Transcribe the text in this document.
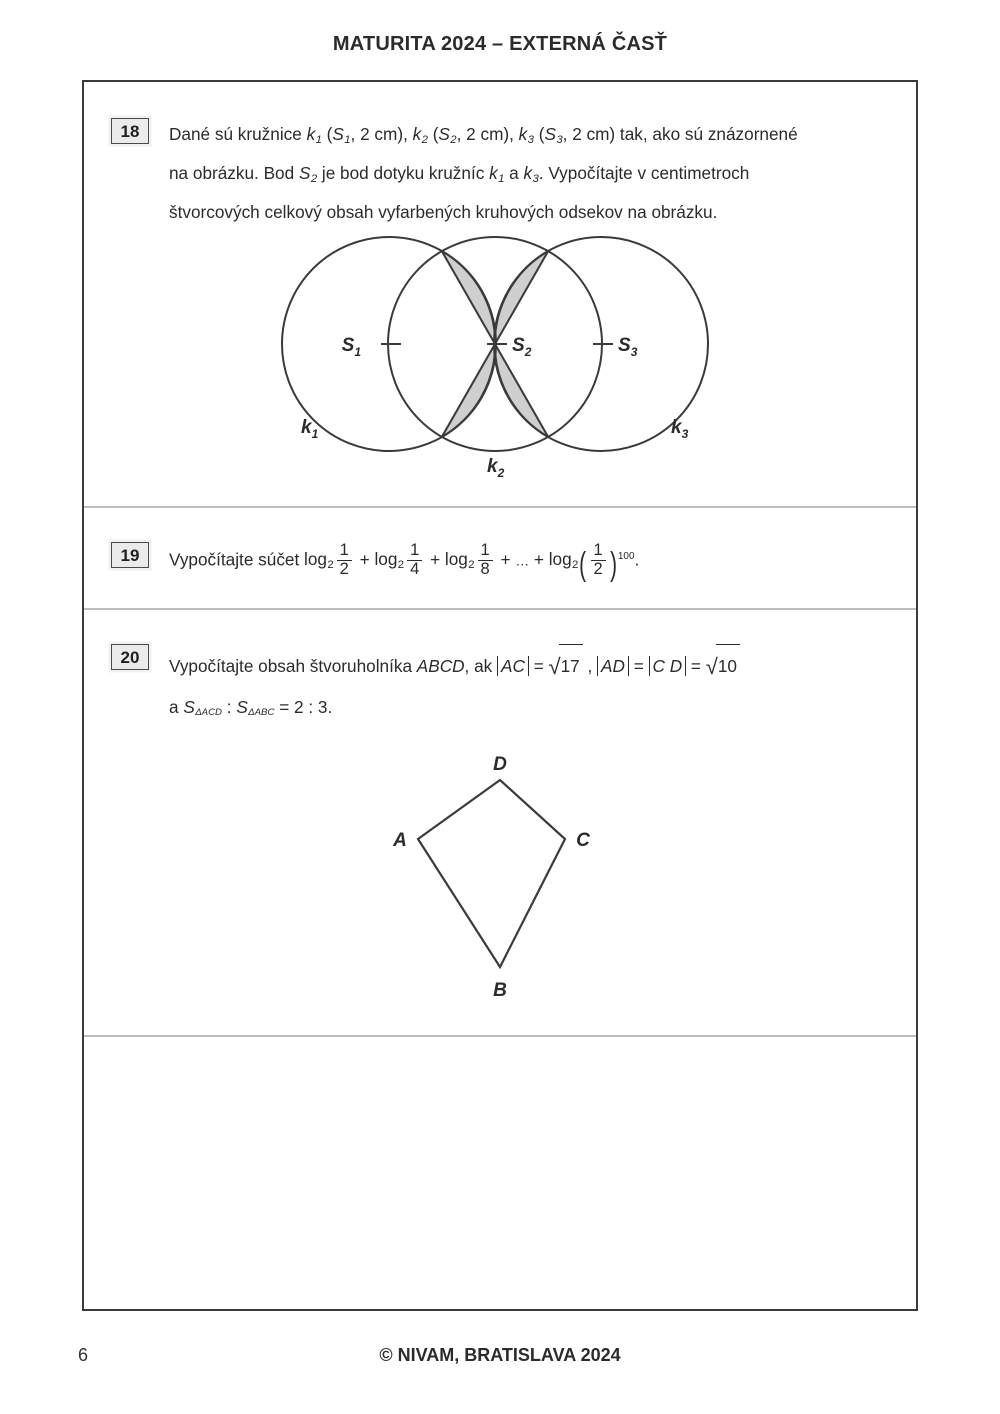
MATURITA 2024 – EXTERNÁ ČASŤ
18	Dané sú kružnice $k_1$ ($S_1$, 2 cm), $k_2$ ($S_2$, 2 cm), $k_3$ ($S_3$, 2 cm) tak, ako sú znázornené
na obrázku. Bod $S_2$ je bod dotyku kružníc $k_1$ a $k_3$. Vypočítajte v centimetroch
štvorcových celkový obsah vyfarbených kruhových odsekov na obrázku.
$S_1$	$S_2$	$S_3$
$k_1$
$k_2$
$k_3$
19	Vypočítajte súčet $\log_2 \frac{1}{2} + \log_2 \frac{1}{4} + \log_2 \frac{1}{8}$ + … + $\log_2( \frac{1}{2} )^{100}$.
20	Vypočítajte obsah štvoruholníka ABCD, ak AC = √17 , AD = C D = √10
a $S_{\Delta ACD}$ : $S_{\Delta ABC} = 2$ : 3.
A
B
C
D
6	© NIVAM, BRATISLAVA 2024
